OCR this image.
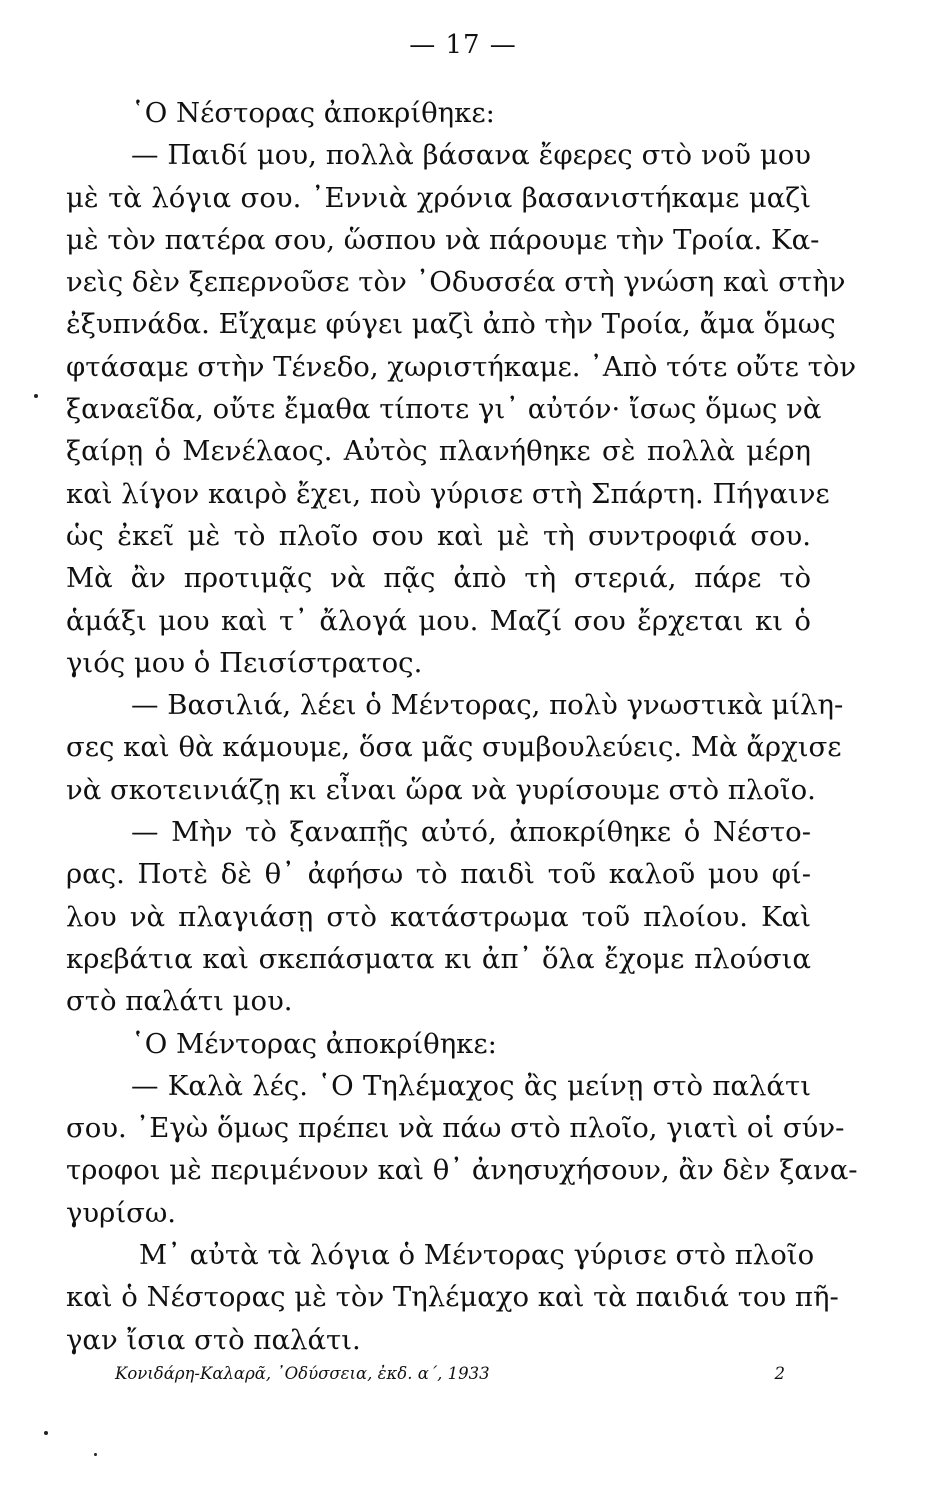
— 17 —
῾Ο Νέστορας ἀποκρίθηκε:
— Παιδί μου, πολλὰ βάσανα ἔφερες στὸ νοῦ μου
μὲ τὰ λόγια σου. ᾿Εννιὰ χρόνια βασανιστήκαμε μαζὶ
μὲ τὸν πατέρα σου, ὥσπου νὰ πάρουμε τὴν Τροία. Κα-
νεὶς δὲν ξεπερνοῦσε τὸν ᾿Οδυσσέα στὴ γνώση καὶ στὴν
ἐξυπνάδα. Εἴχαμε φύγει μαζὶ ἀπὸ τὴν Τροία, ἄμα ὅμως
φτάσαμε στὴν Τένεδο, χωριστήκαμε. ᾿Απὸ τότε οὔτε τὸν
ξαναεῖδα, οὔτε ἔμαθα τίποτε γι᾿ αὐτόν· ἴσως ὅμως νὰ
ξαίρῃ ὁ Μενέλαος. Αὐτὸς πλανήθηκε σὲ πολλὰ μέρη
καὶ λίγον καιρὸ ἔχει, ποὺ γύρισε στὴ Σπάρτη. Πήγαινε
ὡς ἐκεῖ μὲ τὸ πλοῖο σου καὶ μὲ τὴ συντροφιά σου.
Μὰ ἂν προτιμᾷς νὰ πᾷς ἀπὸ τὴ στεριά, πάρε τὸ
ἁμάξι μου καὶ τ᾿ ἄλογά μου. Μαζί σου ἔρχεται κι ὁ
γιός μου ὁ Πεισίστρατος.
— Βασιλιά, λέει ὁ Μέντορας, πολὺ γνωστικὰ μίλη-
σες καὶ θὰ κάμουμε, ὅσα μᾶς συμβουλεύεις. Μὰ ἄρχισε
νὰ σκοτεινιάζῃ κι εἶναι ὥρα νὰ γυρίσουμε στὸ πλοῖο.
— Μὴν τὸ ξαναπῇς αὐτό, ἀποκρίθηκε ὁ Νέστο-
ρας. Ποτὲ δὲ θ᾿ ἀφήσω τὸ παιδὶ τοῦ καλοῦ μου φί-
λου νὰ πλαγιάσῃ στὸ κατάστρωμα τοῦ πλοίου. Καὶ
κρεβάτια καὶ σκεπάσματα κι ἀπ᾿ ὅλα ἔχομε πλούσια
στὸ παλάτι μου.
῾Ο Μέντορας ἀποκρίθηκε:
— Καλὰ λές. ῾Ο Τηλέμαχος ἂς μείνῃ στὸ παλάτι
σου. ᾿Εγὼ ὅμως πρέπει νὰ πάω στὸ πλοῖο, γιατὶ οἱ σύν-
τροφοι μὲ περιμένουν καὶ θ᾿ ἀνησυχήσουν, ἂν δὲν ξανα-
γυρίσω.
Μ᾿ αὐτὰ τὰ λόγια ὁ Μέντορας γύρισε στὸ πλοῖο
καὶ ὁ Νέστορας μὲ τὸν Τηλέμαχο καὶ τὰ παιδιά του πῆ-
γαν ἴσια στὸ παλάτι.
Κονιδάρη-Καλαρᾶ, ᾿Οδύσσεια, ἐκδ. α΄, 1933	2
